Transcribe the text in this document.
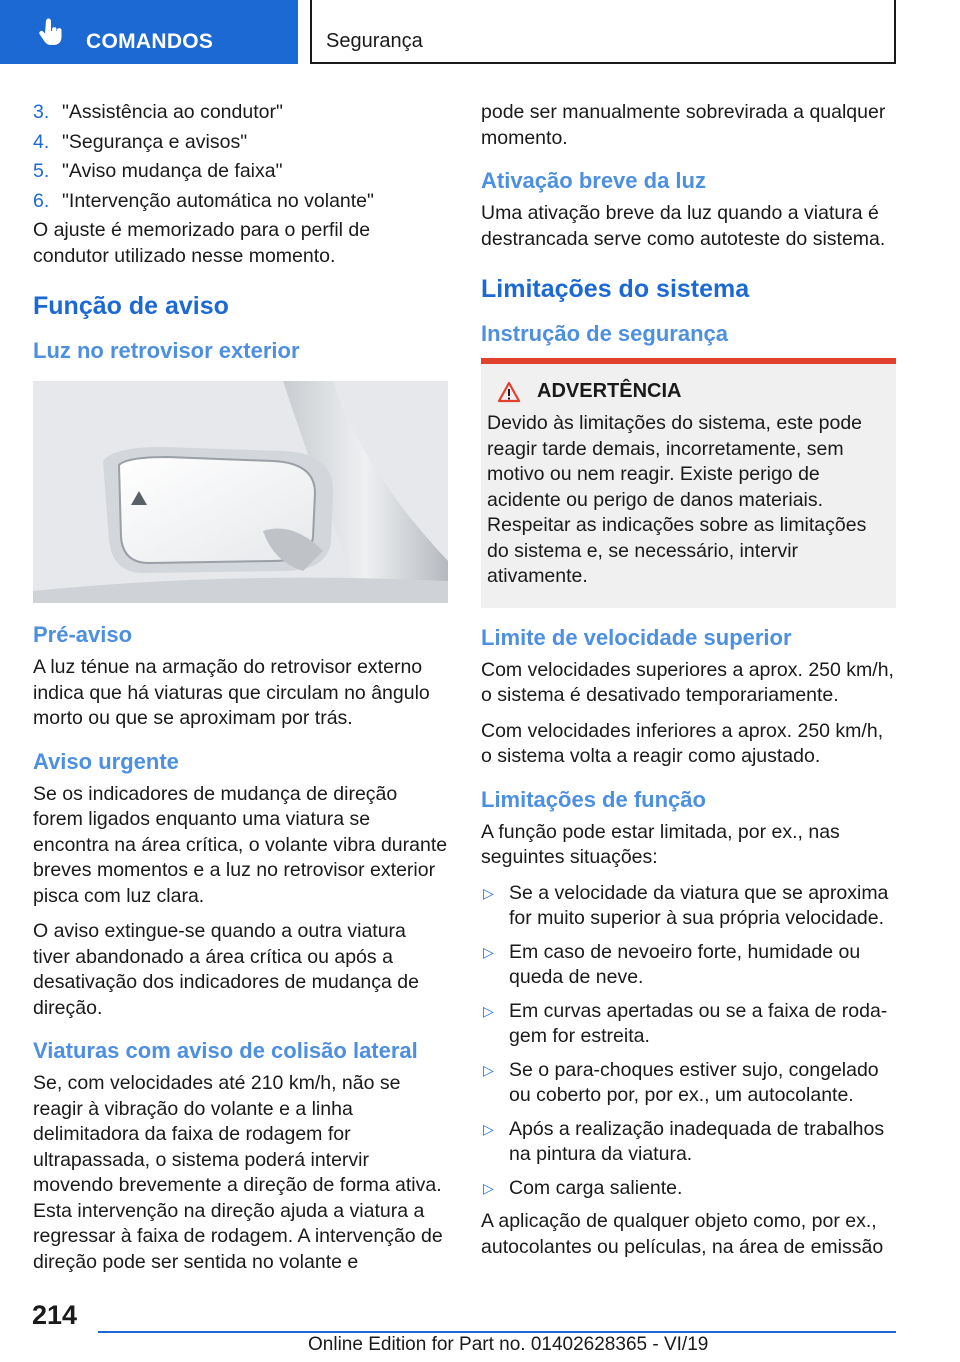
COMANDOS	Segurança
3. "Assistência ao condutor"
4. "Segurança e avisos"
5. "Aviso mudança de faixa"
6. "Intervenção automática no volante"

O ajuste é memorizado para o perfil de condutor utilizado nesse momento.

Função de aviso
Luz no retrovisor exterior
Pré-aviso

A luz ténue na armação do retrovisor externo indica que há viaturas que circulam no ângulo morto ou que se aproximam por trás.

Aviso urgente

Se os indicadores de mudança de direção forem ligados enquanto uma viatura se encontra na área crítica, o volante vibra durante breves momentos e a luz no retrovisor exterior pisca com luz clara.

O aviso extingue-se quando a outra viatura tiver abandonado a área crítica ou após a desativação dos indicadores de mudança de direção.

Viaturas com aviso de colisão lateral

Se, com velocidades até 210 km/h, não se reagir à vibração do volante e a linha delimitadora da faixa de rodagem for ultrapassada, o sistema poderá intervir movendo brevemente a direção de forma ativa. Esta intervenção na direção ajuda a viatura a regressar à faixa de rodagem. A intervenção de direção pode ser sentida no volante e

pode ser manualmente sobrevirada a qualquer momento.

Ativação breve da luz

Uma ativação breve da luz quando a viatura é destrancada serve como autoteste do sistema.

Limitações do sistema
Instrução de segurança
ADVERTÊNCIA

Devido às limitações do sistema, este pode reagir tarde demais, incorretamente, sem motivo ou nem reagir. Existe perigo de acidente ou perigo de danos materiais. Respeitar as indicações sobre as limitações do sistema e, se necessário, intervir ativamente.

Limite de velocidade superior

Com velocidades superiores a aprox. 250 km/h, o sistema é desativado temporariamente.

Com velocidades inferiores a aprox. 250 km/h, o sistema volta a reagir como ajustado.

Limitações de função

A função pode estar limitada, por ex., nas seguintes situações:

▷ Se a velocidade da viatura que se aproxima for muito superior à sua própria velocidade.
▷ Em caso de nevoeiro forte, humidade ou queda de neve.
▷ Em curvas apertadas ou se a faixa de rodagem for estreita.
▷ Se o para-choques estiver sujo, congelado ou coberto por, por ex., um autocolante.
▷ Após a realização inadequada de trabalhos na pintura da viatura.
▷ Com carga saliente.

A aplicação de qualquer objeto como, por ex., autocolantes ou películas, na área de emissão

214
Online Edition for Part no. 01402628365 - VI/19
